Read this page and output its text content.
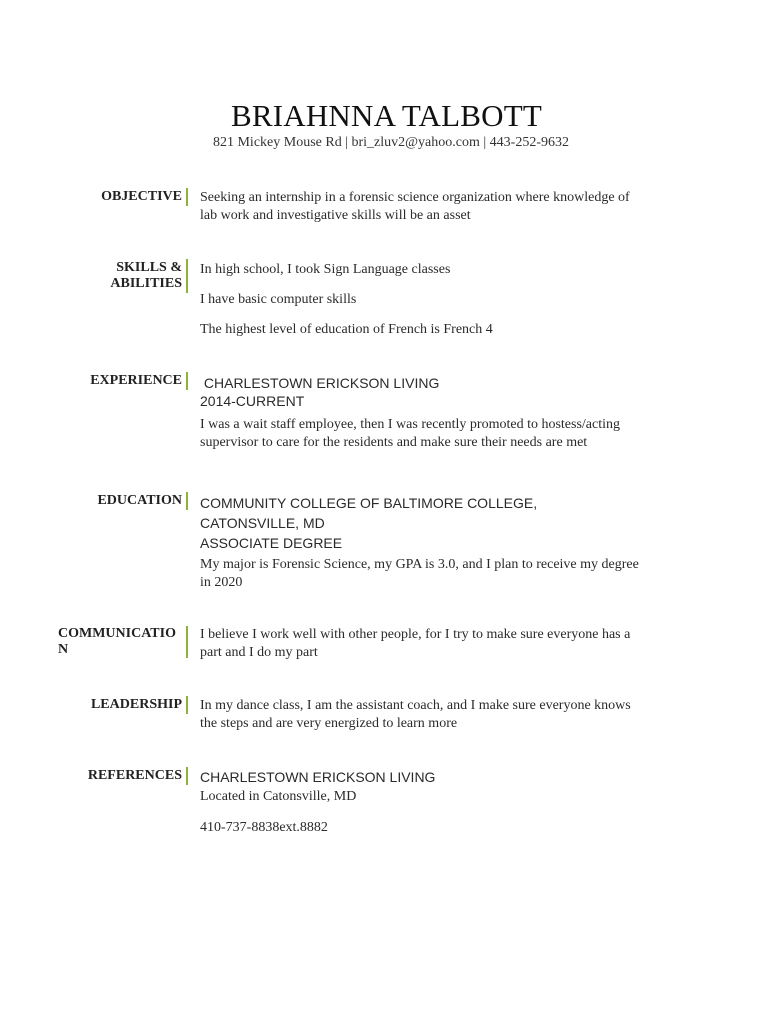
BRIAHNNA TALBOTT
821 Mickey Mouse Rd | bri_zluv2@yahoo.com | 443-252-9632
OBJECTIVE Seeking an internship in a forensic science organization where knowledge of lab work and investigative skills will be an asset

SKILLS &
ABILITIES

In high school, I took Sign Language classes

I have basic computer skills

The highest level of education of French is French 4

EXPERIENCE CHARLESTOWN ERICKSON LIVING
2014-CURRENT

I was a wait staff employee, then I was recently promoted to hostess/acting supervisor to care for the residents and make sure their needs are met

EDUCATION COMMUNITY COLLEGE OF BALTIMORE COLLEGE,
CATONSVILLE, MD
ASSOCIATE DEGREE

My major is Forensic Science, my GPA is 3.0, and I plan to receive my degree in 2020

COMMUNICATIO
N

I believe I work well with other people, for I try to make sure everyone has a part and I do my part

LEADERSHIP In my dance class, I am the assistant coach, and I make sure everyone knows the steps and are very energized to learn more

REFERENCES CHARLESTOWN ERICKSON LIVING
Located in Catonsville, MD
410-737-8838ext.8882
